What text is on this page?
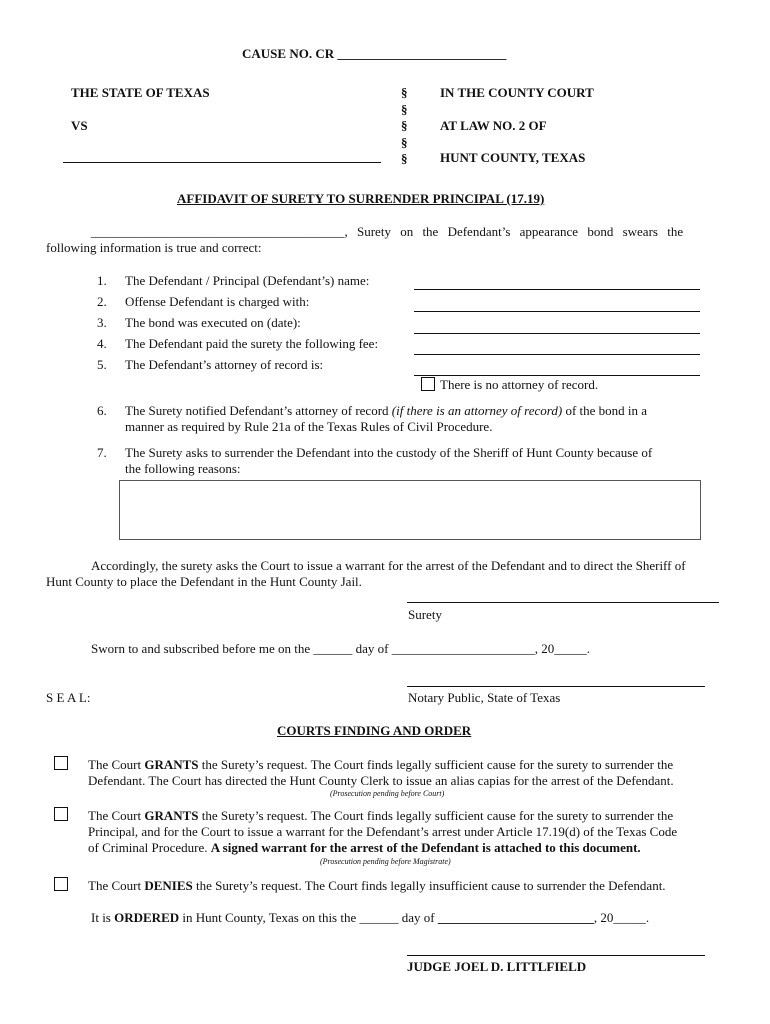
CAUSE NO. CR __________________________
THE STATE OF TEXAS
VS
§
§
§
§
§
IN THE COUNTY COURT
AT LAW NO. 2 OF
HUNT COUNTY, TEXAS
AFFIDAVIT OF SURETY TO SURRENDER PRINCIPAL (17.19)
_______________________________________, Surety on the Defendant’s appearance bond swears the
following information is true and correct:
1. The Defendant / Principal (Defendant’s) name:
2. Offense Defendant is charged with:
3. The bond was executed on (date):
4. The Defendant paid the surety the following fee:
5. The Defendant’s attorney of record is:
There is no attorney of record.
6. The Surety notified Defendant’s attorney of record (if there is an attorney of record) of the bond in a
manner as required by Rule 21a of the Texas Rules of Civil Procedure.
7. The Surety asks to surrender the Defendant into the custody of the Sheriff of Hunt County because of
the following reasons:
Accordingly, the surety asks the Court to issue a warrant for the arrest of the Defendant and to direct the Sheriff of
Hunt County to place the Defendant in the Hunt County Jail.
Surety
Sworn to and subscribed before me on the ______ day of ______________________, 20_____.
S E A L:	Notary Public, State of Texas
COURTS FINDING AND ORDER
The Court GRANTS the Surety’s request. The Court finds legally sufficient cause for the surety to surrender the
Defendant. The Court has directed the Hunt County Clerk to issue an alias capias for the arrest of the Defendant.
(Prosecution pending before Court)
The Court GRANTS the Surety’s request. The Court finds legally sufficient cause for the surety to surrender the
Principal, and for the Court to issue a warrant for the Defendant’s arrest under Article 17.19(d) of the Texas Code
of Criminal Procedure. A signed warrant for the arrest of the Defendant is attached to this document.
(Prosecution pending before Magistrate)
The Court DENIES the Surety’s request. The Court finds legally insufficient cause to surrender the Defendant.
It is ORDERED in Hunt County, Texas on this the ______ day of ________________________, 20_____.
JUDGE JOEL D. LITTLFIELD
